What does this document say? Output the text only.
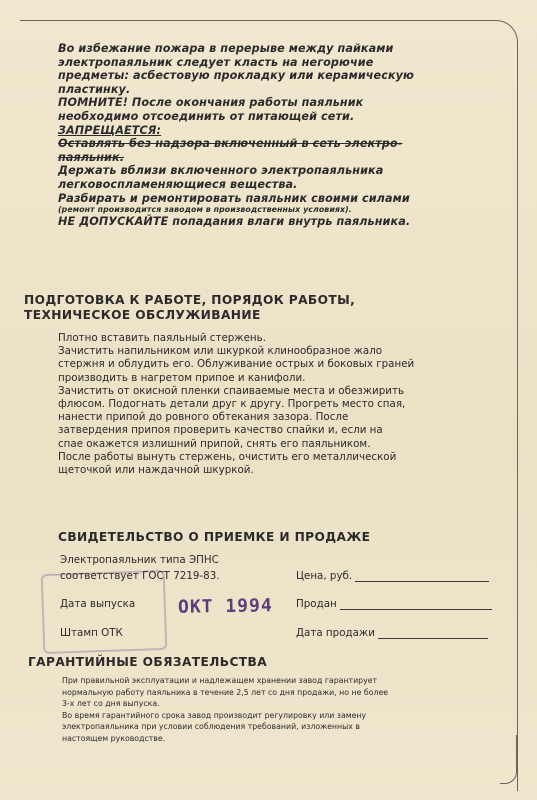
Во избежание пожара в перерыве между пайками

электропаяльник следует класть на негорючие

предметы: асбестовую прокладку или керамическую

пластинку.

ПОМНИТЕ! После окончания работы паяльник

необходимо отсоединить от питающей сети.

ЗАПРЕЩАЕТСЯ:

Оставлять без надзора включенный в сеть электро-

паяльник.

Держать вблизи включенного электропаяльника

легковоспламеняющиеся вещества.

Разбирать и ремонтировать паяльник своими силами

(ремонт производится заводом в производственных условиях).

НЕ ДОПУСКАЙТЕ попадания влаги внутрь паяльника.

ПОДГОТОВКА К РАБОТЕ, ПОРЯДОК РАБОТЫ,
ТЕХНИЧЕСКОЕ ОБСЛУЖИВАНИЕ

Плотно вставить паяльный стержень.

Зачистить напильником или шкуркой клинообразное жало

стержня и облудить его. Облуживание острых и боковых граней

производить в нагретом припое и канифоли.

Зачистить от окисной пленки спаиваемые места и обезжирить

флюсом. Подогнать детали друг к другу. Прогреть место спая,

нанести припой до ровного обтекания зазора. После

затвердения припоя проверить качество спайки и, если на

спае окажется излишний припой, снять его паяльником.

После работы вынуть стержень, очистить его металлической

щеточкой или наждачной шкуркой.

СВИДЕТЕЛЬСТВО О ПРИЕМКЕ И ПРОДАЖЕ
Электропаяльник типа ЭПНС
соответствует ГОСТ 7219-83.	Цена, руб.
Дата выпуска	Продан
Штамп ОТК	Дата продажи
ОКТ 1994
ГАРАНТИЙНЫЕ ОБЯЗАТЕЛЬСТВА

При правильной эксплуатации и надлежащем хранении завод гарантирует

нормальную работу паяльника в течение 2,5 лет со дня продажи, но не более

3-х лет со дня выпуска.

Во время гарантийного срока завод производит регулировку или замену

электропаяльника при условии соблюдения требований, изложенных в

настоящем руководстве.
